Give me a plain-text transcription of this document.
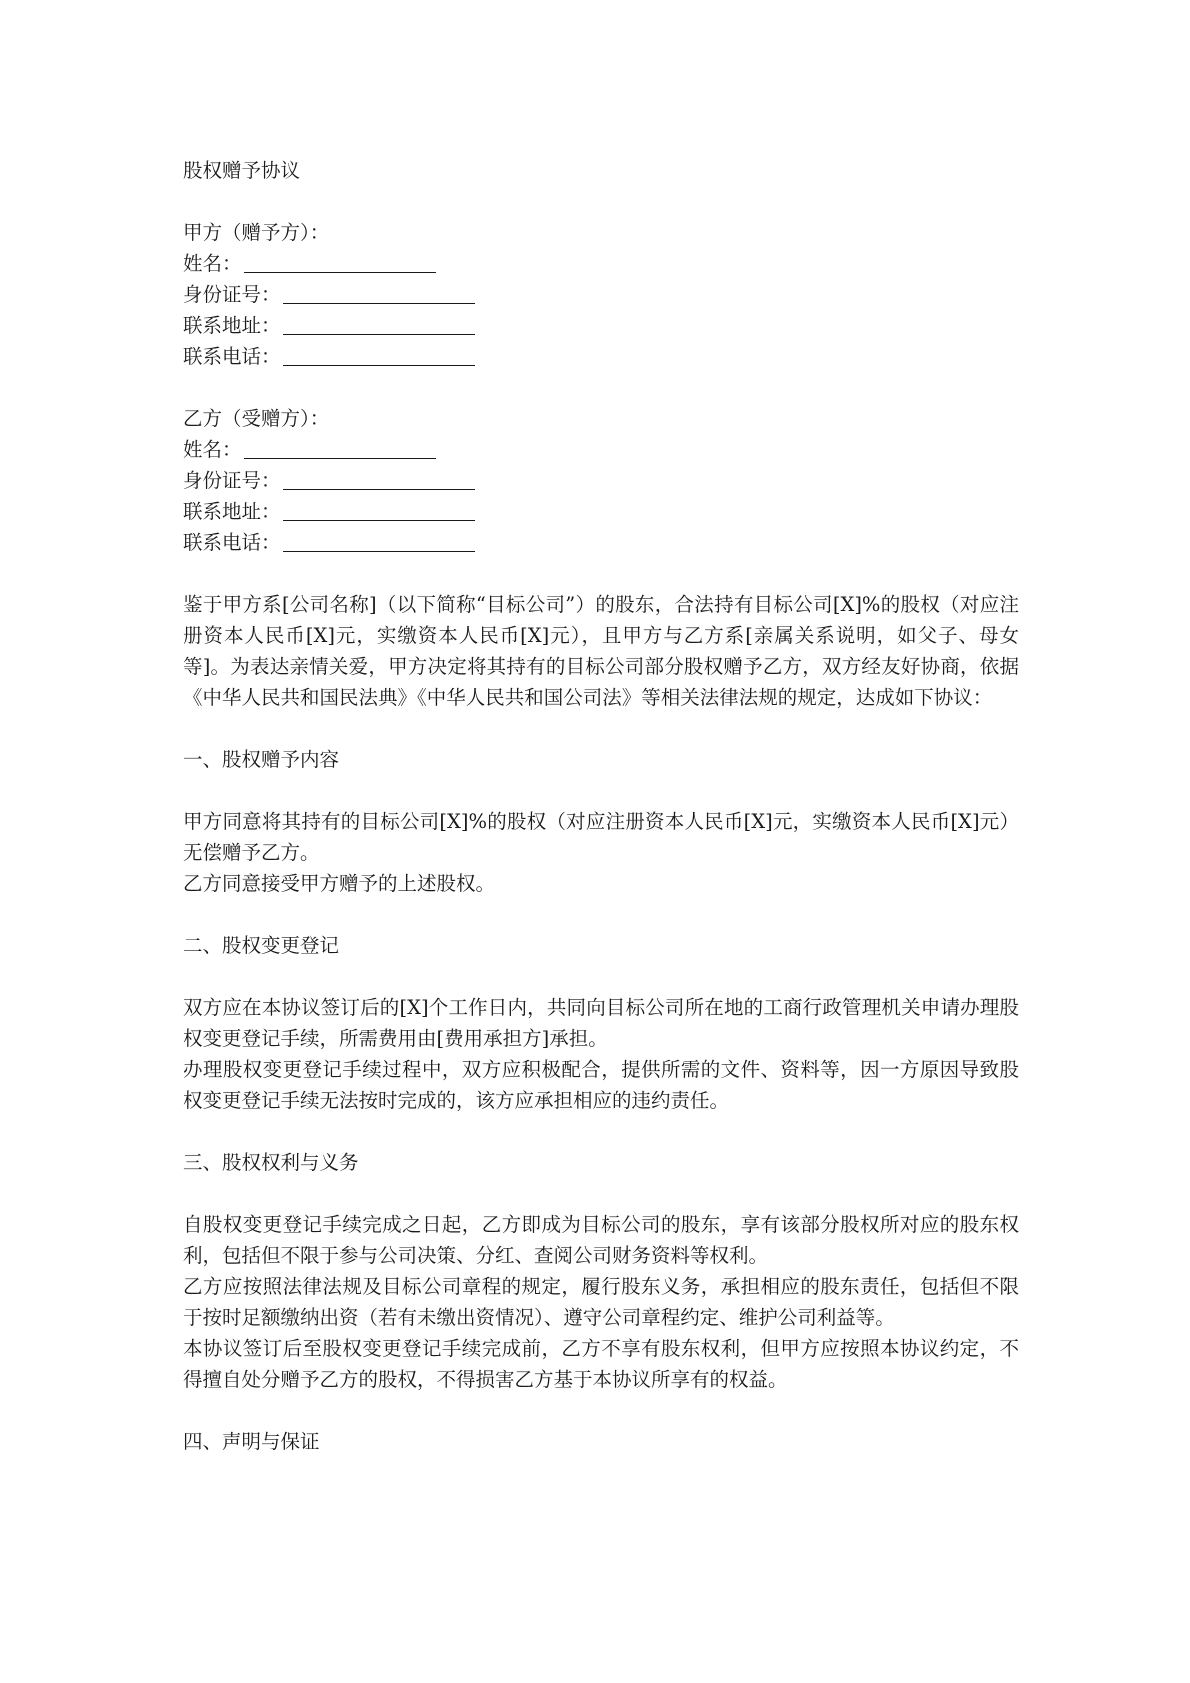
股权赠予协议
甲方（赠予方）：
姓名：
身份证号：
联系地址：
联系电话：
乙方（受赠方）：
姓名：
身份证号：
联系地址：
联系电话：

鉴于甲方系[公司名称]（以下简称“目标公司”）的股东，合法持有目标公司[X]%的股权（对应注册资本人民币[X]元，实缴资本人民币[X]元），且甲方与乙方系[亲属关系说明，如父子、母女等]。为表达亲情关爱，甲方决定将其持有的目标公司部分股权赠予乙方，双方经友好协商，依据《中华人民共和国民法典》《中华人民共和国公司法》等相关法律法规的规定，达成如下协议：

一、股权赠予内容

甲方同意将其持有的目标公司[X]%的股权（对应注册资本人民币[X]元，实缴资本人民币[X]元）无偿赠予乙方。

乙方同意接受甲方赠予的上述股权。

二、股权变更登记

双方应在本协议签订后的[X]个工作日内，共同向目标公司所在地的工商行政管理机关申请办理股权变更登记手续，所需费用由[费用承担方]承担。

办理股权变更登记手续过程中，双方应积极配合，提供所需的文件、资料等，因一方原因导致股权变更登记手续无法按时完成的，该方应承担相应的违约责任。

三、股权权利与义务

自股权变更登记手续完成之日起，乙方即成为目标公司的股东，享有该部分股权所对应的股东权利，包括但不限于参与公司决策、分红、查阅公司财务资料等权利。

乙方应按照法律法规及目标公司章程的规定，履行股东义务，承担相应的股东责任，包括但不限于按时足额缴纳出资（若有未缴出资情况）、遵守公司章程约定、维护公司利益等。

本协议签订后至股权变更登记手续完成前，乙方不享有股东权利，但甲方应按照本协议约定，不得擅自处分赠予乙方的股权，不得损害乙方基于本协议所享有的权益。

四、声明与保证
